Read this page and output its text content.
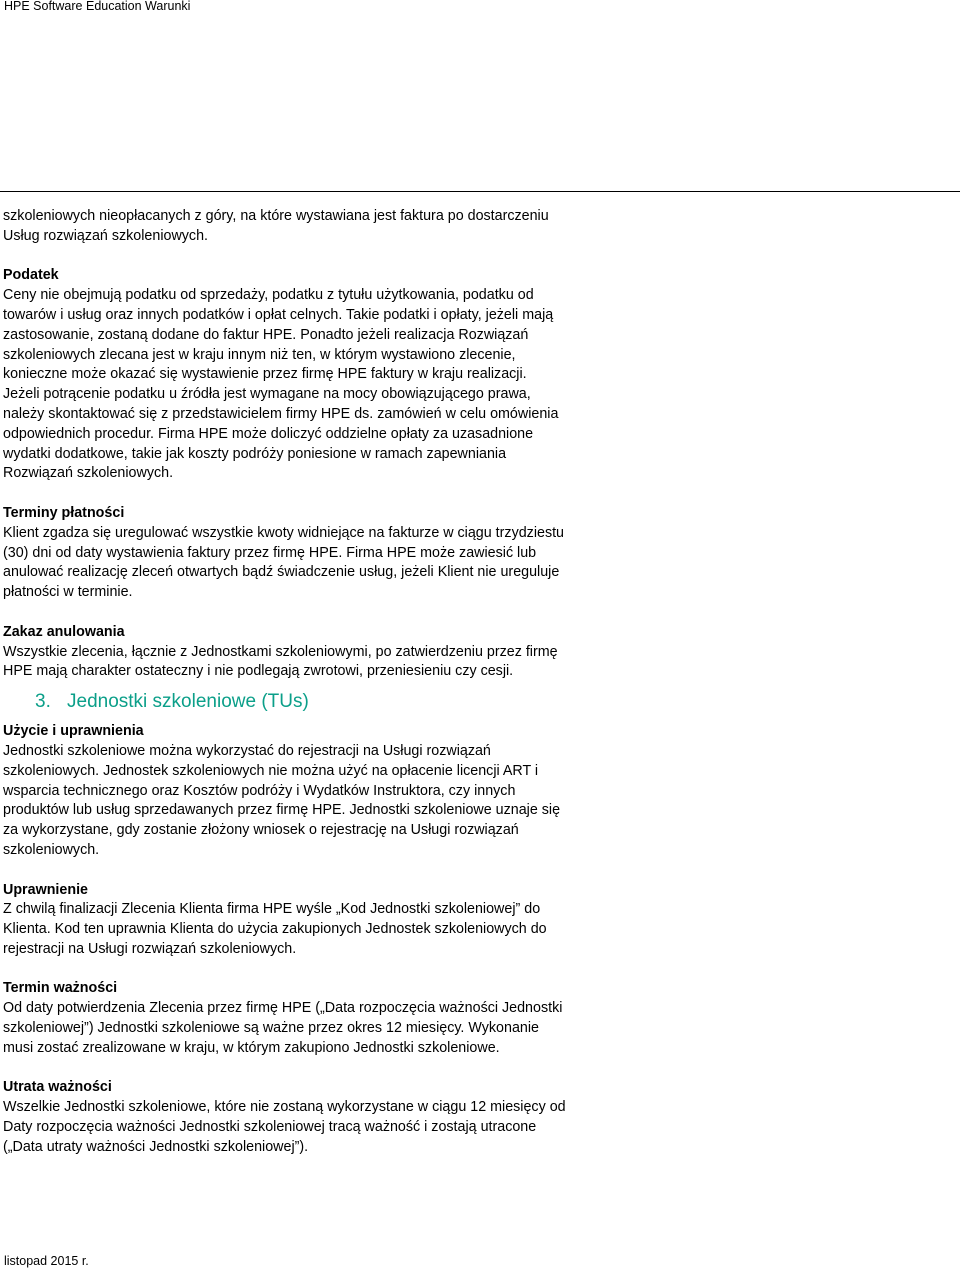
HPE Software Education Warunki

szkoleniowych nieopłacanych z góry, na które wystawiana jest faktura po dostarczeniu
Usług rozwiązań szkoleniowych.

Podatek

Ceny nie obejmują podatku od sprzedaży, podatku z tytułu użytkowania, podatku od
towarów i usług oraz innych podatków i opłat celnych. Takie podatki i opłaty, jeżeli mają
zastosowanie, zostaną dodane do faktur HPE. Ponadto jeżeli realizacja Rozwiązań
szkoleniowych zlecana jest w kraju innym niż ten, w którym wystawiono zlecenie,
konieczne może okazać się wystawienie przez firmę HPE faktury w kraju realizacji.
Jeżeli potrącenie podatku u źródła jest wymagane na mocy obowiązującego prawa,
należy skontaktować się z przedstawicielem firmy HPE ds. zamówień w celu omówienia
odpowiednich procedur. Firma HPE może doliczyć oddzielne opłaty za uzasadnione
wydatki dodatkowe, takie jak koszty podróży poniesione w ramach zapewniania
Rozwiązań szkoleniowych.

Terminy płatności

Klient zgadza się uregulować wszystkie kwoty widniejące na fakturze w ciągu trzydziestu
(30) dni od daty wystawienia faktury przez firmę HPE. Firma HPE może zawiesić lub
anulować realizację zleceń otwartych bądź świadczenie usług, jeżeli Klient nie ureguluje
płatności w terminie.

Zakaz anulowania

Wszystkie zlecenia, łącznie z Jednostkami szkoleniowymi, po zatwierdzeniu przez firmę
HPE mają charakter ostateczny i nie podlegają zwrotowi, przeniesieniu czy cesji.

3. Jednostki szkoleniowe (TUs)

Użycie i uprawnienia

Jednostki szkoleniowe można wykorzystać do rejestracji na Usługi rozwiązań
szkoleniowych. Jednostek szkoleniowych nie można użyć na opłacenie licencji ART i
wsparcia technicznego oraz Kosztów podróży i Wydatków Instruktora, czy innych
produktów lub usług sprzedawanych przez firmę HPE. Jednostki szkoleniowe uznaje się
za wykorzystane, gdy zostanie złożony wniosek o rejestrację na Usługi rozwiązań
szkoleniowych.

Uprawnienie

Z chwilą finalizacji Zlecenia Klienta firma HPE wyśle „Kod Jednostki szkoleniowej” do
Klienta. Kod ten uprawnia Klienta do użycia zakupionych Jednostek szkoleniowych do
rejestracji na Usługi rozwiązań szkoleniowych.

Termin ważności

Od daty potwierdzenia Zlecenia przez firmę HPE („Data rozpoczęcia ważności Jednostki
szkoleniowej”) Jednostki szkoleniowe są ważne przez okres 12 miesięcy. Wykonanie
musi zostać zrealizowane w kraju, w którym zakupiono Jednostki szkoleniowe.

Utrata ważności

Wszelkie Jednostki szkoleniowe, które nie zostaną wykorzystane w ciągu 12 miesięcy od
Daty rozpoczęcia ważności Jednostki szkoleniowej tracą ważność i zostają utracone
(„Data utraty ważności Jednostki szkoleniowej”).

listopad 2015 r.
